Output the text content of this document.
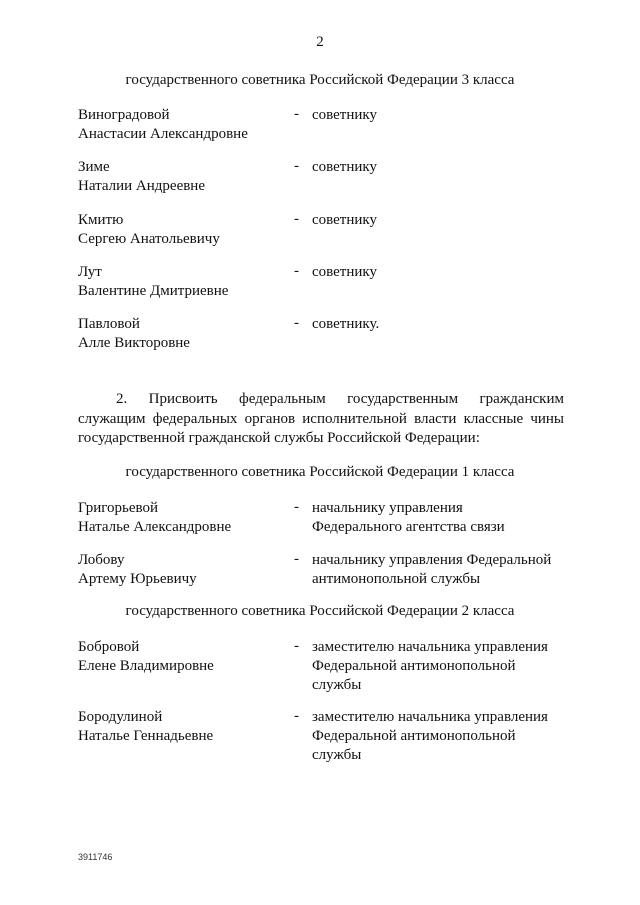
2
государственного советника Российской Федерации 3 класса
Виноградовой
Анастасии Александровне
- советнику
Зиме
Наталии Андреевне
- советнику
Кмитю
Сергею Анатольевичу
- советнику
Лут
Валентине Дмитриевне
- советнику
Павловой
Алле Викторовне
- советнику.
2. Присвоить федеральным государственным гражданским
служащим федеральных органов исполнительной власти классные чины
государственной гражданской службы Российской Федерации:
государственного советника Российской Федерации 1 класса
Григорьевой
Наталье Александровне
- начальнику управления
Федерального агентства связи
Лобову
Артему Юрьевичу
- начальнику управления Федеральной
антимонопольной службы
государственного советника Российской Федерации 2 класса
Бобровой
Елене Владимировне
- заместителю начальника управления
Федеральной антимонопольной
службы
Бородулиной
Наталье Геннадьевне
- заместителю начальника управления
Федеральной антимонопольной
службы
3911746
